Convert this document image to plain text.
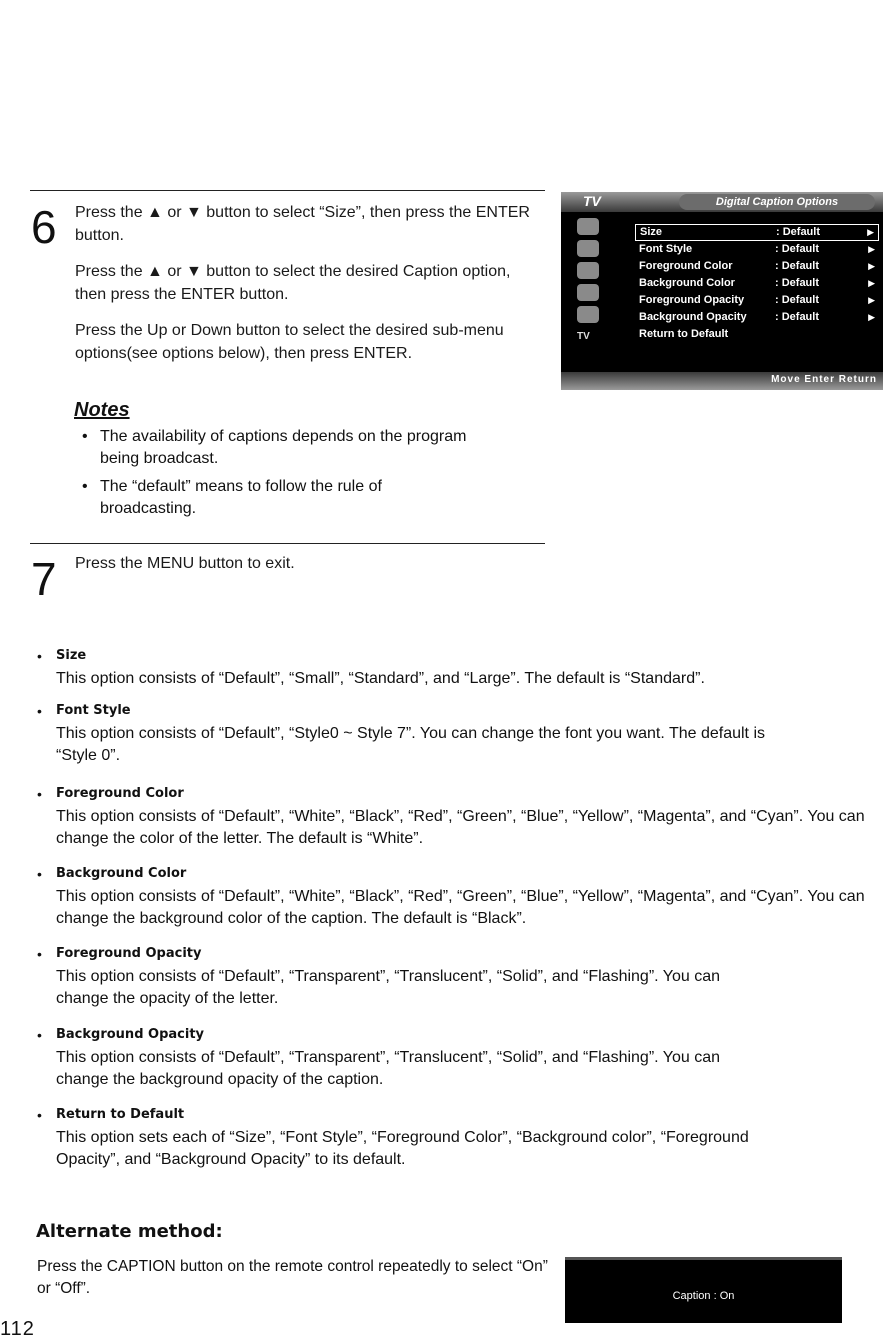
6 Press the ▲ or ▼ button to select “Size”, then press the ENTER button.

Press the ▲ or ▼ button to select the desired Caption option, then press the ENTER button.

Press the Up or Down button to select the desired sub-menu options(see options below), then press ENTER.

TV	Digital Caption Options
TV
Size	: Default	▶
Font Style	: Default	▶
Foreground Color	: Default	▶
Background Color	: Default	▶
Foreground Opacity	: Default	▶
Background Opacity	: Default	▶
Return to Default
Move Enter Return
Notes
• The availability of captions depends on the program being broadcast.
• The “default” means to follow the rule of broadcasting.
7 Press the MENU button to exit.
• Size
This option consists of “Default”, “Small”, “Standard”, and “Large”. The default is “Standard”.
• Font Style
This option consists of “Default”, “Style0 ~ Style 7”. You can change the font you want. The default is “Style 0”.
• Foreground Color
This option consists of “Default”, “White”, “Black”, “Red”, “Green”, “Blue”, “Yellow”, “Magenta”, and “Cyan”. You can change the color of the letter. The default is “White”.
• Background Color
This option consists of “Default”, “White”, “Black”, “Red”, “Green”, “Blue”, “Yellow”, “Magenta”, and “Cyan”. You can change the background color of the caption. The default is “Black”.
• Foreground Opacity
This option consists of “Default”, “Transparent”, “Translucent”, “Solid”, and “Flashing”. You can change the opacity of the letter.
• Background Opacity
This option consists of “Default”, “Transparent”, “Translucent”, “Solid”, and “Flashing”. You can change the background opacity of the caption.
• Return to Default
This option sets each of “Size”, “Font Style”, “Foreground Color”, “Background color”, “Foreground Opacity”, and “Background Opacity” to its default.
Alternate method:
Press the CAPTION button on the remote control repeatedly to select “On” or “Off”.	Caption : On
112
